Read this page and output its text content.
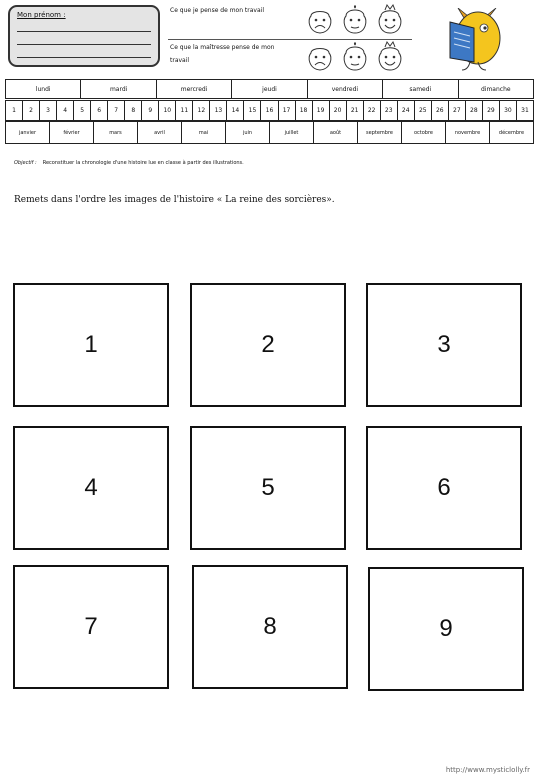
Mon prénom :
Ce que je pense de mon travail
Ce que la maîtresse pense de mon travail
lundi	mardi	mercredi	jeudi	vendredi	samedi	dimanche
1	2	3	4	5	6	7	8	9	10	11	12	13	14	15	16	17	18	19	20	21	22	23	24	25	26	27	28	29	30	31
janvier	février	mars	avril	mai	juin	juillet	août	septembre	octobre	novembre	décembre
Objectif : Reconstituer la chronologie d'une histoire lue en classe à partir des illustrations.
Remets dans l'ordre les images de l'histoire « La reine des sorcières».
1	2	3
4	5	6
7	8	9
http://www.mysticlolly.fr
